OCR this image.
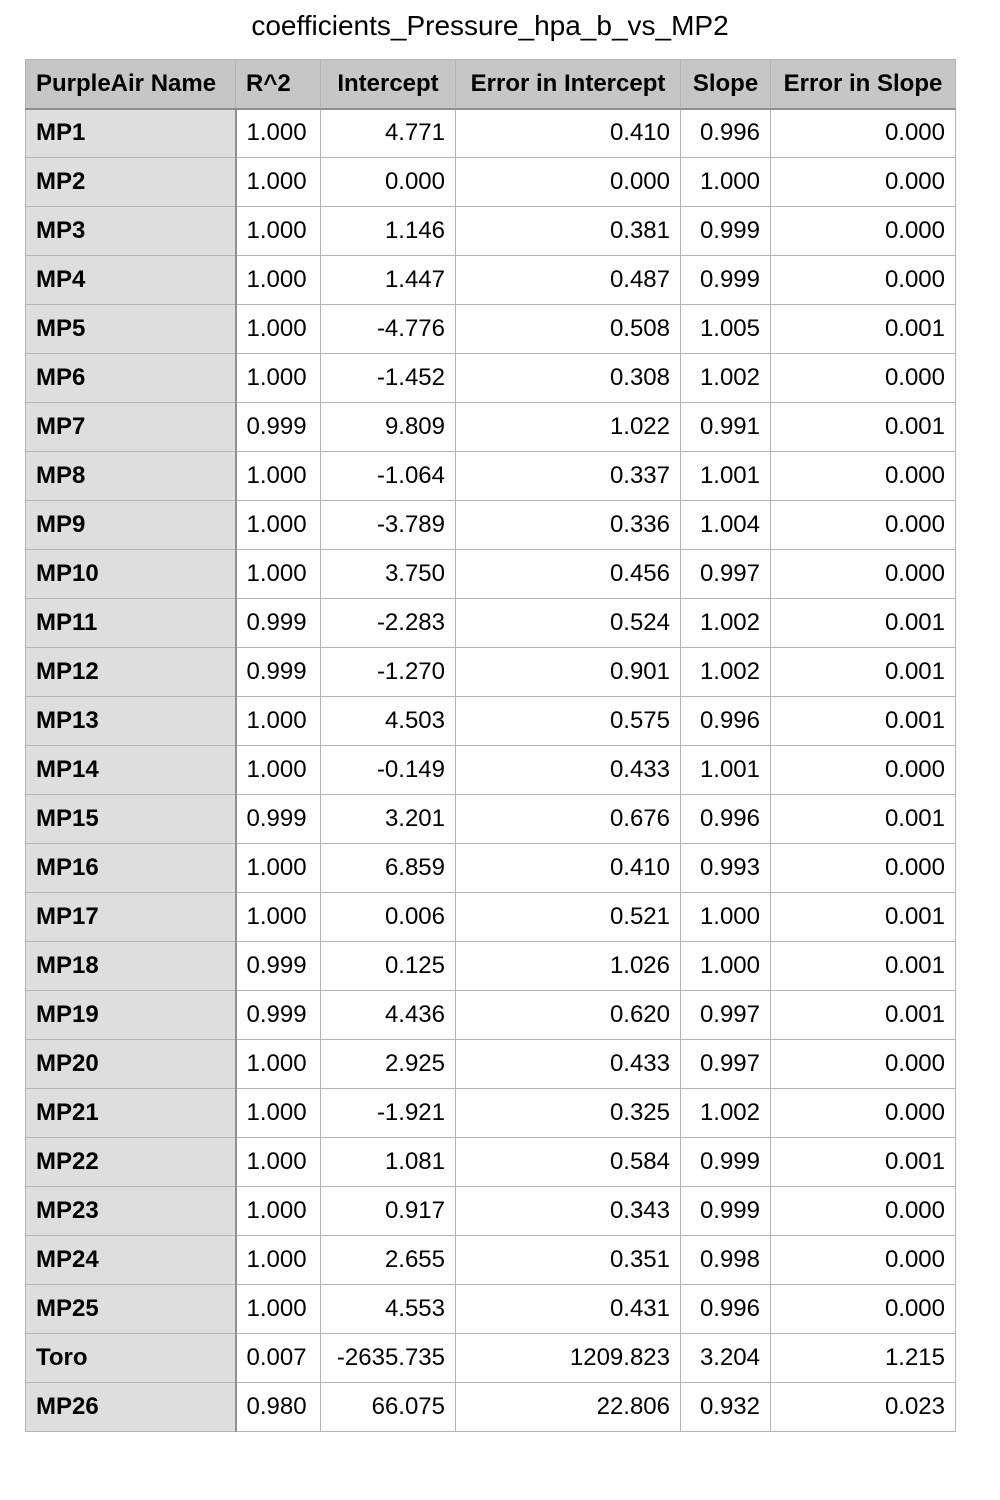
coefficients_Pressure_hpa_b_vs_MP2
PurpleAir Name	R^2	Intercept	Error in Intercept	Slope	Error in Slope
MP1	1.000	4.771	0.410	0.996	0.000
MP2	1.000	0.000	0.000	1.000	0.000
MP3	1.000	1.146	0.381	0.999	0.000
MP4	1.000	1.447	0.487	0.999	0.000
MP5	1.000	-4.776	0.508	1.005	0.001
MP6	1.000	-1.452	0.308	1.002	0.000
MP7	0.999	9.809	1.022	0.991	0.001
MP8	1.000	-1.064	0.337	1.001	0.000
MP9	1.000	-3.789	0.336	1.004	0.000
MP10	1.000	3.750	0.456	0.997	0.000
MP11	0.999	-2.283	0.524	1.002	0.001
MP12	0.999	-1.270	0.901	1.002	0.001
MP13	1.000	4.503	0.575	0.996	0.001
MP14	1.000	-0.149	0.433	1.001	0.000
MP15	0.999	3.201	0.676	0.996	0.001
MP16	1.000	6.859	0.410	0.993	0.000
MP17	1.000	0.006	0.521	1.000	0.001
MP18	0.999	0.125	1.026	1.000	0.001
MP19	0.999	4.436	0.620	0.997	0.001
MP20	1.000	2.925	0.433	0.997	0.000
MP21	1.000	-1.921	0.325	1.002	0.000
MP22	1.000	1.081	0.584	0.999	0.001
MP23	1.000	0.917	0.343	0.999	0.000
MP24	1.000	2.655	0.351	0.998	0.000
MP25	1.000	4.553	0.431	0.996	0.000
Toro	0.007	-2635.735	1209.823	3.204	1.215
MP26	0.980	66.075	22.806	0.932	0.023
